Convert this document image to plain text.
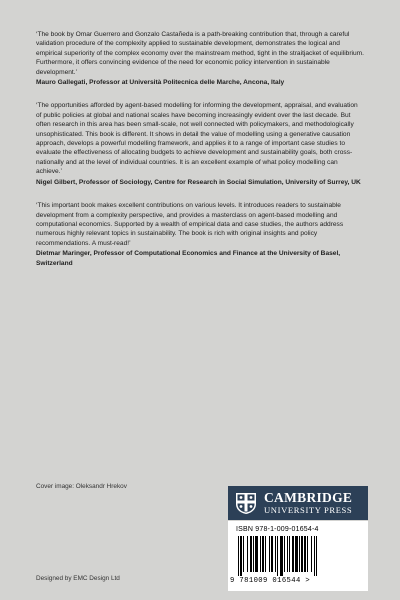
‘The book by Omar Guerrero and Gonzalo Castañeda is a path-breaking contribution that, through a careful validation procedure of the complexity applied to sustainable development, demonstrates the logical and empirical superiority of the complex economy over the mainstream method, tight in the straitjacket of equilibrium. Furthermore, it offers convincing evidence of the need for economic policy intervention in sustainable development.’

Mauro Gallegati, Professor at Università Politecnica delle Marche, Ancona, Italy

‘The opportunities afforded by agent-based modelling for informing the development, appraisal, and evaluation of public policies at global and national scales have becoming increasingly evident over the last decade. But often research in this area has been small-scale, not well connected with policymakers, and methodologically unsophisticated. This book is different. It shows in detail the value of modelling using a generative causation approach, develops a powerful modelling framework, and applies it to a range of important case studies to evaluate the effectiveness of allocating budgets to achieve development and sustainability goals, both cross-nationally and at the level of individual countries. It is an excellent example of what policy modelling can achieve.’

Nigel Gilbert, Professor of Sociology, Centre for Research in Social Simulation, University of Surrey, UK

‘This important book makes excellent contributions on various levels. It introduces readers to sustainable development from a complexity perspective, and provides a masterclass on agent-based modelling and computational economics. Supported by a wealth of empirical data and case studies, the authors address numerous highly relevant topics in sustainability. The book is rich with original insights and policy recommendations. A must-read!’

Dietmar Maringer, Professor of Computational Economics and Finance at the University of Basel, Switzerland

Cover image: Oleksandr Hrekov
CAMBRIDGE
UNIVERSITY PRESS
ISBN 978-1-009-01654-4
9 781009 016544 >
Designed by EMC Design Ltd
